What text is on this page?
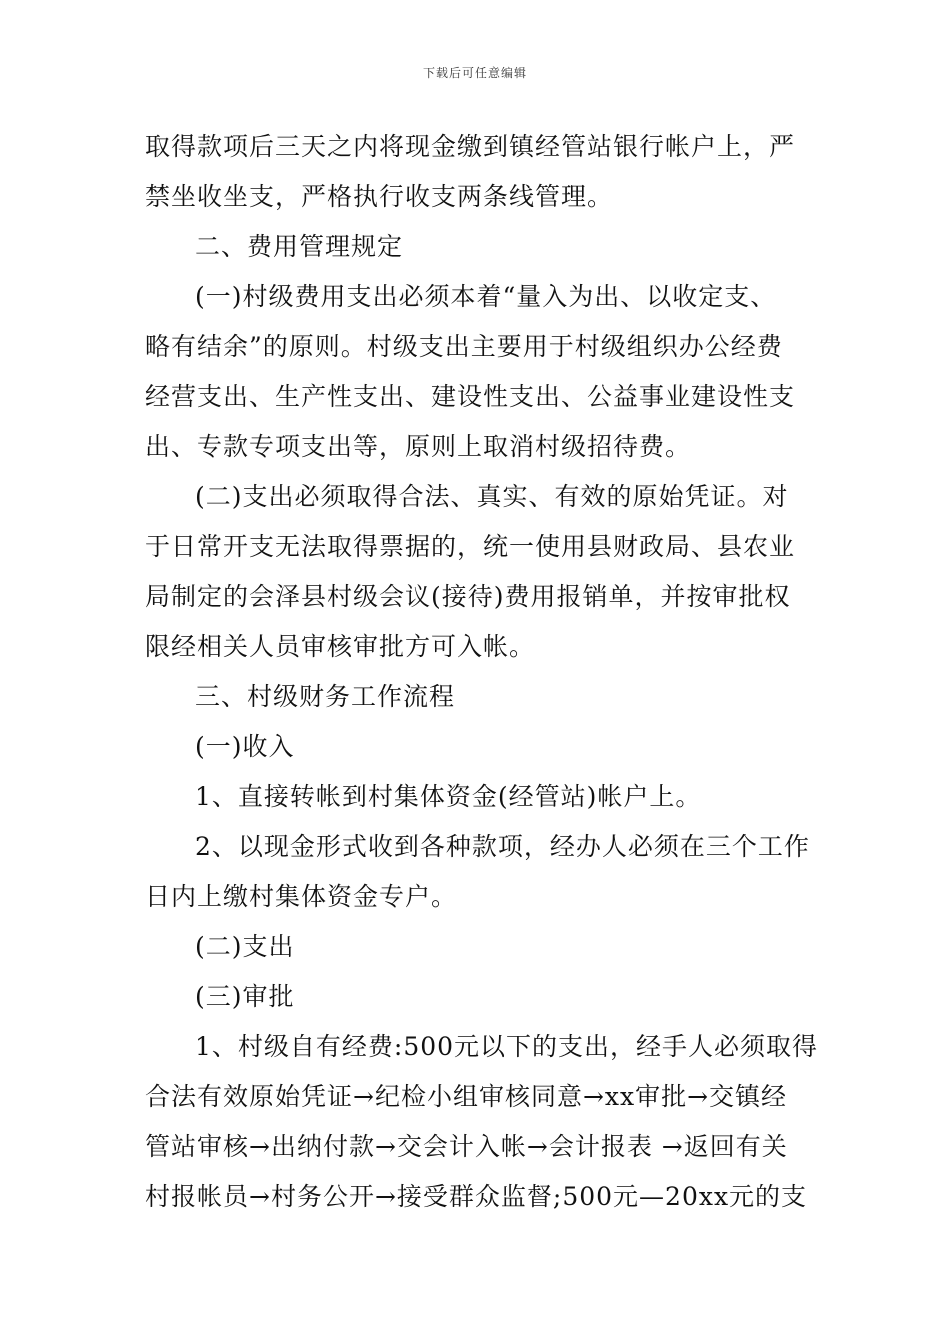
下载后可任意编辑
取得款项后三天之内将现金缴到镇经管站银行帐户上，严
禁坐收坐支，严格执行收支两条线管理。
二、费用管理规定
(一)村级费用支出必须本着“量入为出、以收定支、
略有结余”的原则。村级支出主要用于村级组织办公经费
经营支出、生产性支出、建设性支出、公益事业建设性支
出、专款专项支出等，原则上取消村级招待费。
(二)支出必须取得合法、真实、有效的原始凭证。对
于日常开支无法取得票据的，统一使用县财政局、县农业
局制定的会泽县村级会议(接待)费用报销单，并按审批权
限经相关人员审核审批方可入帐。
三、村级财务工作流程
(一)收入
1、直接转帐到村集体资金(经管站)帐户上。
2、以现金形式收到各种款项，经办人必须在三个工作
日内上缴村集体资金专户。
(二)支出
(三)审批
1、村级自有经费:500元以下的支出，经手人必须取得
合法有效原始凭证→纪检小组审核同意→xx审批→交镇经
管站审核→出纳付款→交会计入帐→会计报表 →返回有关
村报帐员→村务公开→接受群众监督;500元—20xx元的支
